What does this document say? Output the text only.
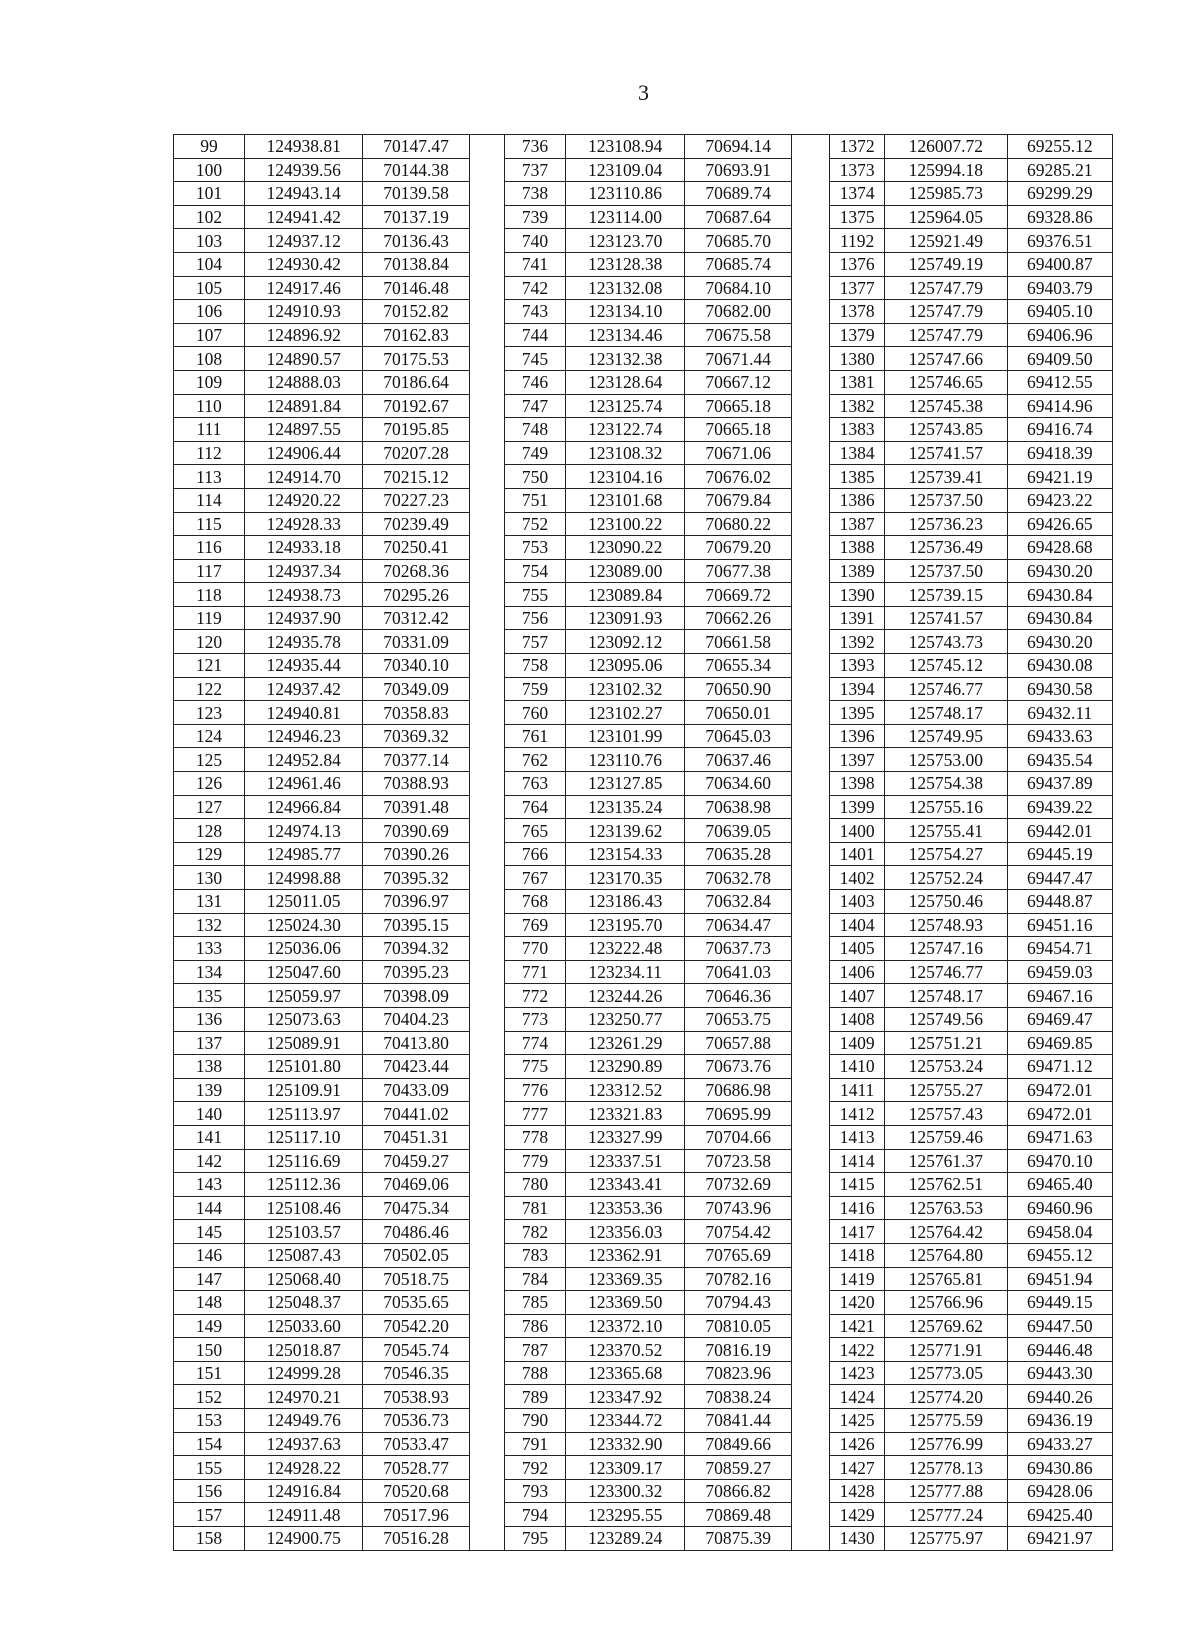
3
99	124938.81	70147.47		736	123108.94	70694.14		1372	126007.72	69255.12
100	124939.56	70144.38		737	123109.04	70693.91		1373	125994.18	69285.21
101	124943.14	70139.58		738	123110.86	70689.74		1374	125985.73	69299.29
102	124941.42	70137.19		739	123114.00	70687.64		1375	125964.05	69328.86
103	124937.12	70136.43		740	123123.70	70685.70		1192	125921.49	69376.51
104	124930.42	70138.84		741	123128.38	70685.74		1376	125749.19	69400.87
105	124917.46	70146.48		742	123132.08	70684.10		1377	125747.79	69403.79
106	124910.93	70152.82		743	123134.10	70682.00		1378	125747.79	69405.10
107	124896.92	70162.83		744	123134.46	70675.58		1379	125747.79	69406.96
108	124890.57	70175.53		745	123132.38	70671.44		1380	125747.66	69409.50
109	124888.03	70186.64		746	123128.64	70667.12		1381	125746.65	69412.55
110	124891.84	70192.67		747	123125.74	70665.18		1382	125745.38	69414.96
111	124897.55	70195.85		748	123122.74	70665.18		1383	125743.85	69416.74
112	124906.44	70207.28		749	123108.32	70671.06		1384	125741.57	69418.39
113	124914.70	70215.12		750	123104.16	70676.02		1385	125739.41	69421.19
114	124920.22	70227.23		751	123101.68	70679.84		1386	125737.50	69423.22
115	124928.33	70239.49		752	123100.22	70680.22		1387	125736.23	69426.65
116	124933.18	70250.41		753	123090.22	70679.20		1388	125736.49	69428.68
117	124937.34	70268.36		754	123089.00	70677.38		1389	125737.50	69430.20
118	124938.73	70295.26		755	123089.84	70669.72		1390	125739.15	69430.84
119	124937.90	70312.42		756	123091.93	70662.26		1391	125741.57	69430.84
120	124935.78	70331.09		757	123092.12	70661.58		1392	125743.73	69430.20
121	124935.44	70340.10		758	123095.06	70655.34		1393	125745.12	69430.08
122	124937.42	70349.09		759	123102.32	70650.90		1394	125746.77	69430.58
123	124940.81	70358.83		760	123102.27	70650.01		1395	125748.17	69432.11
124	124946.23	70369.32		761	123101.99	70645.03		1396	125749.95	69433.63
125	124952.84	70377.14		762	123110.76	70637.46		1397	125753.00	69435.54
126	124961.46	70388.93		763	123127.85	70634.60		1398	125754.38	69437.89
127	124966.84	70391.48		764	123135.24	70638.98		1399	125755.16	69439.22
128	124974.13	70390.69		765	123139.62	70639.05		1400	125755.41	69442.01
129	124985.77	70390.26		766	123154.33	70635.28		1401	125754.27	69445.19
130	124998.88	70395.32		767	123170.35	70632.78		1402	125752.24	69447.47
131	125011.05	70396.97		768	123186.43	70632.84		1403	125750.46	69448.87
132	125024.30	70395.15		769	123195.70	70634.47		1404	125748.93	69451.16
133	125036.06	70394.32		770	123222.48	70637.73		1405	125747.16	69454.71
134	125047.60	70395.23		771	123234.11	70641.03		1406	125746.77	69459.03
135	125059.97	70398.09		772	123244.26	70646.36		1407	125748.17	69467.16
136	125073.63	70404.23		773	123250.77	70653.75		1408	125749.56	69469.47
137	125089.91	70413.80		774	123261.29	70657.88		1409	125751.21	69469.85
138	125101.80	70423.44		775	123290.89	70673.76		1410	125753.24	69471.12
139	125109.91	70433.09		776	123312.52	70686.98		1411	125755.27	69472.01
140	125113.97	70441.02		777	123321.83	70695.99		1412	125757.43	69472.01
141	125117.10	70451.31		778	123327.99	70704.66		1413	125759.46	69471.63
142	125116.69	70459.27		779	123337.51	70723.58		1414	125761.37	69470.10
143	125112.36	70469.06		780	123343.41	70732.69		1415	125762.51	69465.40
144	125108.46	70475.34		781	123353.36	70743.96		1416	125763.53	69460.96
145	125103.57	70486.46		782	123356.03	70754.42		1417	125764.42	69458.04
146	125087.43	70502.05		783	123362.91	70765.69		1418	125764.80	69455.12
147	125068.40	70518.75		784	123369.35	70782.16		1419	125765.81	69451.94
148	125048.37	70535.65		785	123369.50	70794.43		1420	125766.96	69449.15
149	125033.60	70542.20		786	123372.10	70810.05		1421	125769.62	69447.50
150	125018.87	70545.74		787	123370.52	70816.19		1422	125771.91	69446.48
151	124999.28	70546.35		788	123365.68	70823.96		1423	125773.05	69443.30
152	124970.21	70538.93		789	123347.92	70838.24		1424	125774.20	69440.26
153	124949.76	70536.73		790	123344.72	70841.44		1425	125775.59	69436.19
154	124937.63	70533.47		791	123332.90	70849.66		1426	125776.99	69433.27
155	124928.22	70528.77		792	123309.17	70859.27		1427	125778.13	69430.86
156	124916.84	70520.68		793	123300.32	70866.82		1428	125777.88	69428.06
157	124911.48	70517.96		794	123295.55	70869.48		1429	125777.24	69425.40
158	124900.75	70516.28		795	123289.24	70875.39		1430	125775.97	69421.97
